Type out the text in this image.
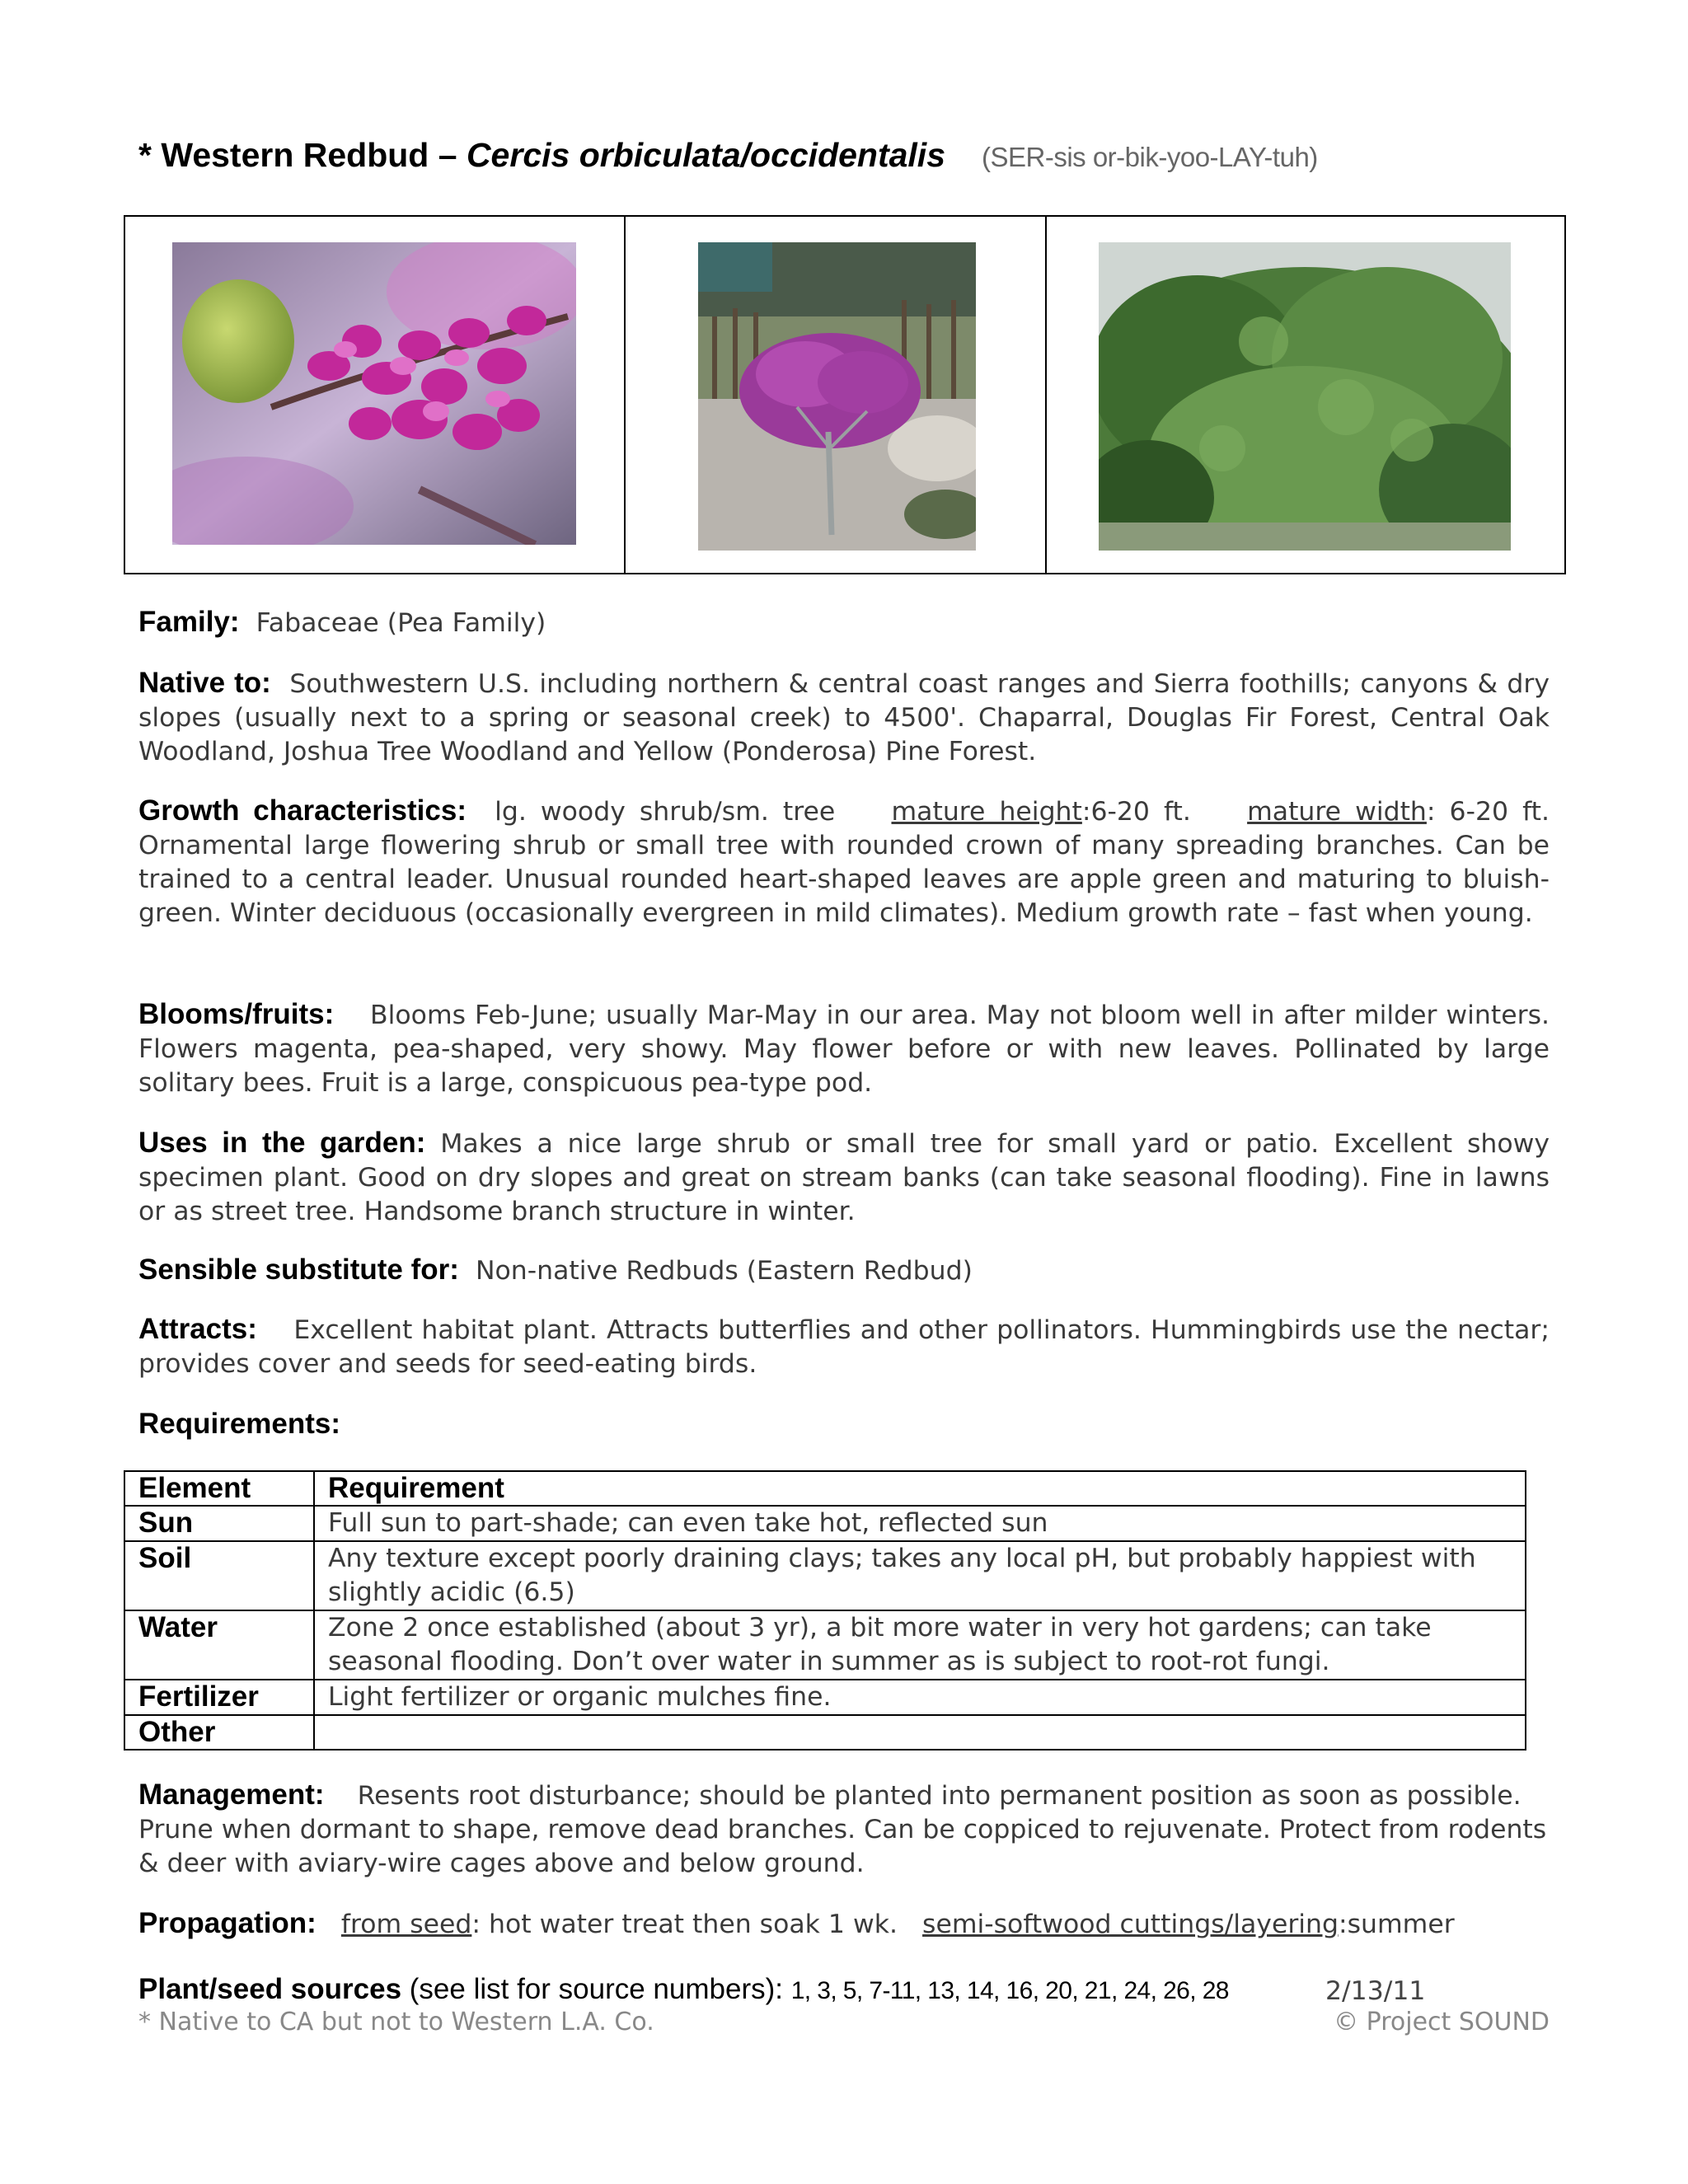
* Western Redbud – Cercis orbiculata/occidentalis (SER-sis or-bik-yoo-LAY-tuh)
Family: Fabaceae (Pea Family)
Native to: Southwestern U.S. including northern & central coast ranges and Sierra foothills; canyons & dry slopes (usually next to a spring or seasonal creek) to 4500'. Chaparral, Douglas Fir Forest, Central Oak Woodland, Joshua Tree Woodland and Yellow (Ponderosa) Pine Forest.
Growth characteristics: lg. woody shrub/sm. tree mature height:6-20 ft. mature width: 6-20 ft. Ornamental large flowering shrub or small tree with rounded crown of many spreading branches. Can be trained to a central leader. Unusual rounded heart-shaped leaves are apple green and maturing to bluish-green. Winter deciduous (occasionally evergreen in mild climates). Medium growth rate – fast when young.
Blooms/fruits: Blooms Feb-June; usually Mar-May in our area. May not bloom well in after milder winters. Flowers magenta, pea-shaped, very showy. May flower before or with new leaves. Pollinated by large solitary bees. Fruit is a large, conspicuous pea-type pod.
Uses in the garden: Makes a nice large shrub or small tree for small yard or patio. Excellent showy specimen plant. Good on dry slopes and great on stream banks (can take seasonal flooding). Fine in lawns or as street tree. Handsome branch structure in winter.
Sensible substitute for: Non-native Redbuds (Eastern Redbud)
Attracts: Excellent habitat plant. Attracts butterflies and other pollinators. Hummingbirds use the nectar; provides cover and seeds for seed-eating birds.
Requirements:
Element	Requirement
Sun	Full sun to part-shade; can even take hot, reflected sun
Soil	Any texture except poorly draining clays; takes any local pH, but probably happiest with slightly acidic (6.5)
Water	Zone 2 once established (about 3 yr), a bit more water in very hot gardens; can take seasonal flooding. Don’t over water in summer as is subject to root-rot fungi.
Fertilizer	Light fertilizer or organic mulches fine.
Other	
Management: Resents root disturbance; should be planted into permanent position as soon as possible. Prune when dormant to shape, remove dead branches. Can be coppiced to rejuvenate. Protect from rodents & deer with aviary-wire cages above and below ground.
Propagation: from seed: hot water treat then soak 1 wk. semi-softwood cuttings/layering:summer
Plant/seed sources (see list for source numbers): 1, 3, 5, 7-11, 13, 14, 16, 20, 21, 24, 26, 28	2/13/11
* Native to CA but not to Western L.A. Co.	© Project SOUND
